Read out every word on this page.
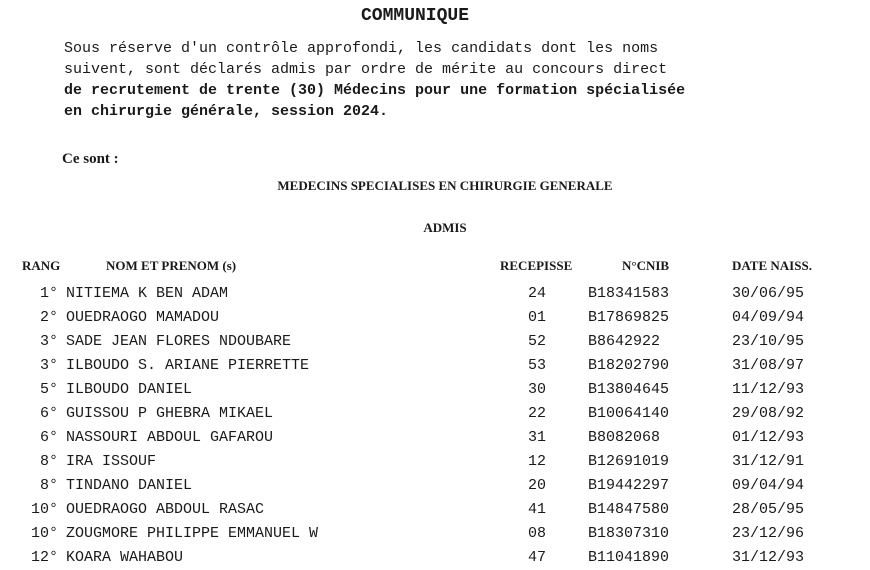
COMMUNIQUE
Sous réserve d'un contrôle approfondi, les candidats dont les noms
suivent, sont déclarés admis par ordre de mérite au concours direct
de recrutement de trente (30) Médecins pour une formation spécialisée
en chirurgie générale, session 2024.
Ce sont :
MEDECINS SPECIALISES EN CHIRURGIE GENERALE
ADMIS
RANG	NOM ET PRENOM (s)	RECEPISSE	N°CNIB	DATE NAISS.
1° NITIEMA K BEN ADAM	24	B18341583	30/06/95
2° OUEDRAOGO MAMADOU	01	B17869825	04/09/94
3° SADE JEAN FLORES NDOUBARE	52	B8642922	23/10/95
3° ILBOUDO S. ARIANE PIERRETTE	53	B18202790	31/08/97
5° ILBOUDO DANIEL	30	B13804645	11/12/93
6° GUISSOU P GHEBRA MIKAEL	22	B10064140	29/08/92
6° NASSOURI ABDOUL GAFAROU	31	B8082068	01/12/93
8° IRA ISSOUF	12	B12691019	31/12/91
8° TINDANO DANIEL	20	B19442297	09/04/94
10° OUEDRAOGO ABDOUL RASAC	41	B14847580	28/05/95
10° ZOUGMORE PHILIPPE EMMANUEL W	08	B18307310	23/12/96
12° KOARA WAHABOU	47	B11041890	31/12/93
